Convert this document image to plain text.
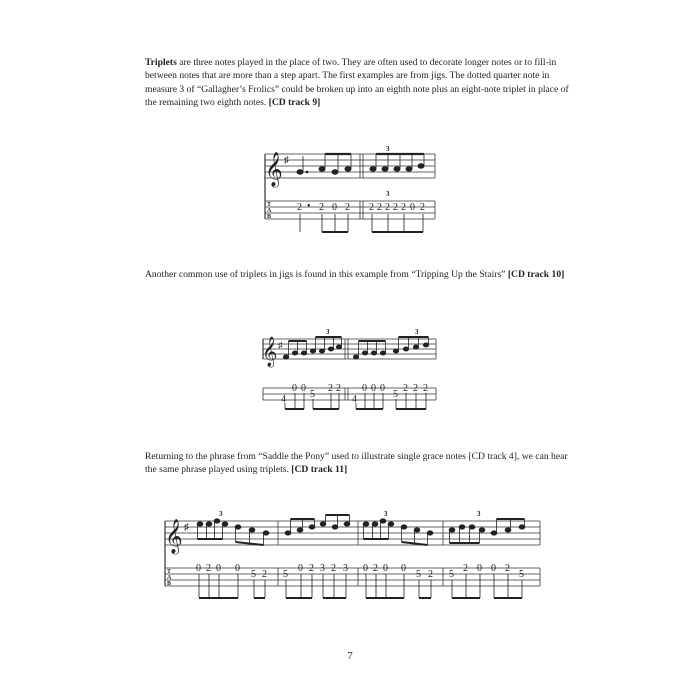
Triplets are three notes played in the place of two. They are often used to decorate longer notes or to fill-in between notes that are more than a step apart. The first examples are from jigs. The dotted quarter note in measure 3 of “Gallagher’s Frolics” could be broken up into an eighth note plus an eight-note triplet in place of the remaining two eighth notes. [CD track 9]
𝄞 ♯
3
3
T
A
B
2 • 2 0 2 2 2 2 2 2 0 2
Another common use of triplets in jigs is found in this example from “Tripping Up the Stairs” [CD track 10]
𝄞 ♯
3	3
4
0 0
5
2 2
4
0 0 0
5
2 2 2
Returning to the phrase from “Saddle the Pony” used to illustrate single grace notes [CD track 4], we can hear the same phrase played using triplets. [CD track 11]
𝄞 ♯
3	3	3
T
A
B
0 2 0 0
5 2 5
0 2 3 2 3 0 2 0 0
5 2 5
2 0 0 2
5
7
